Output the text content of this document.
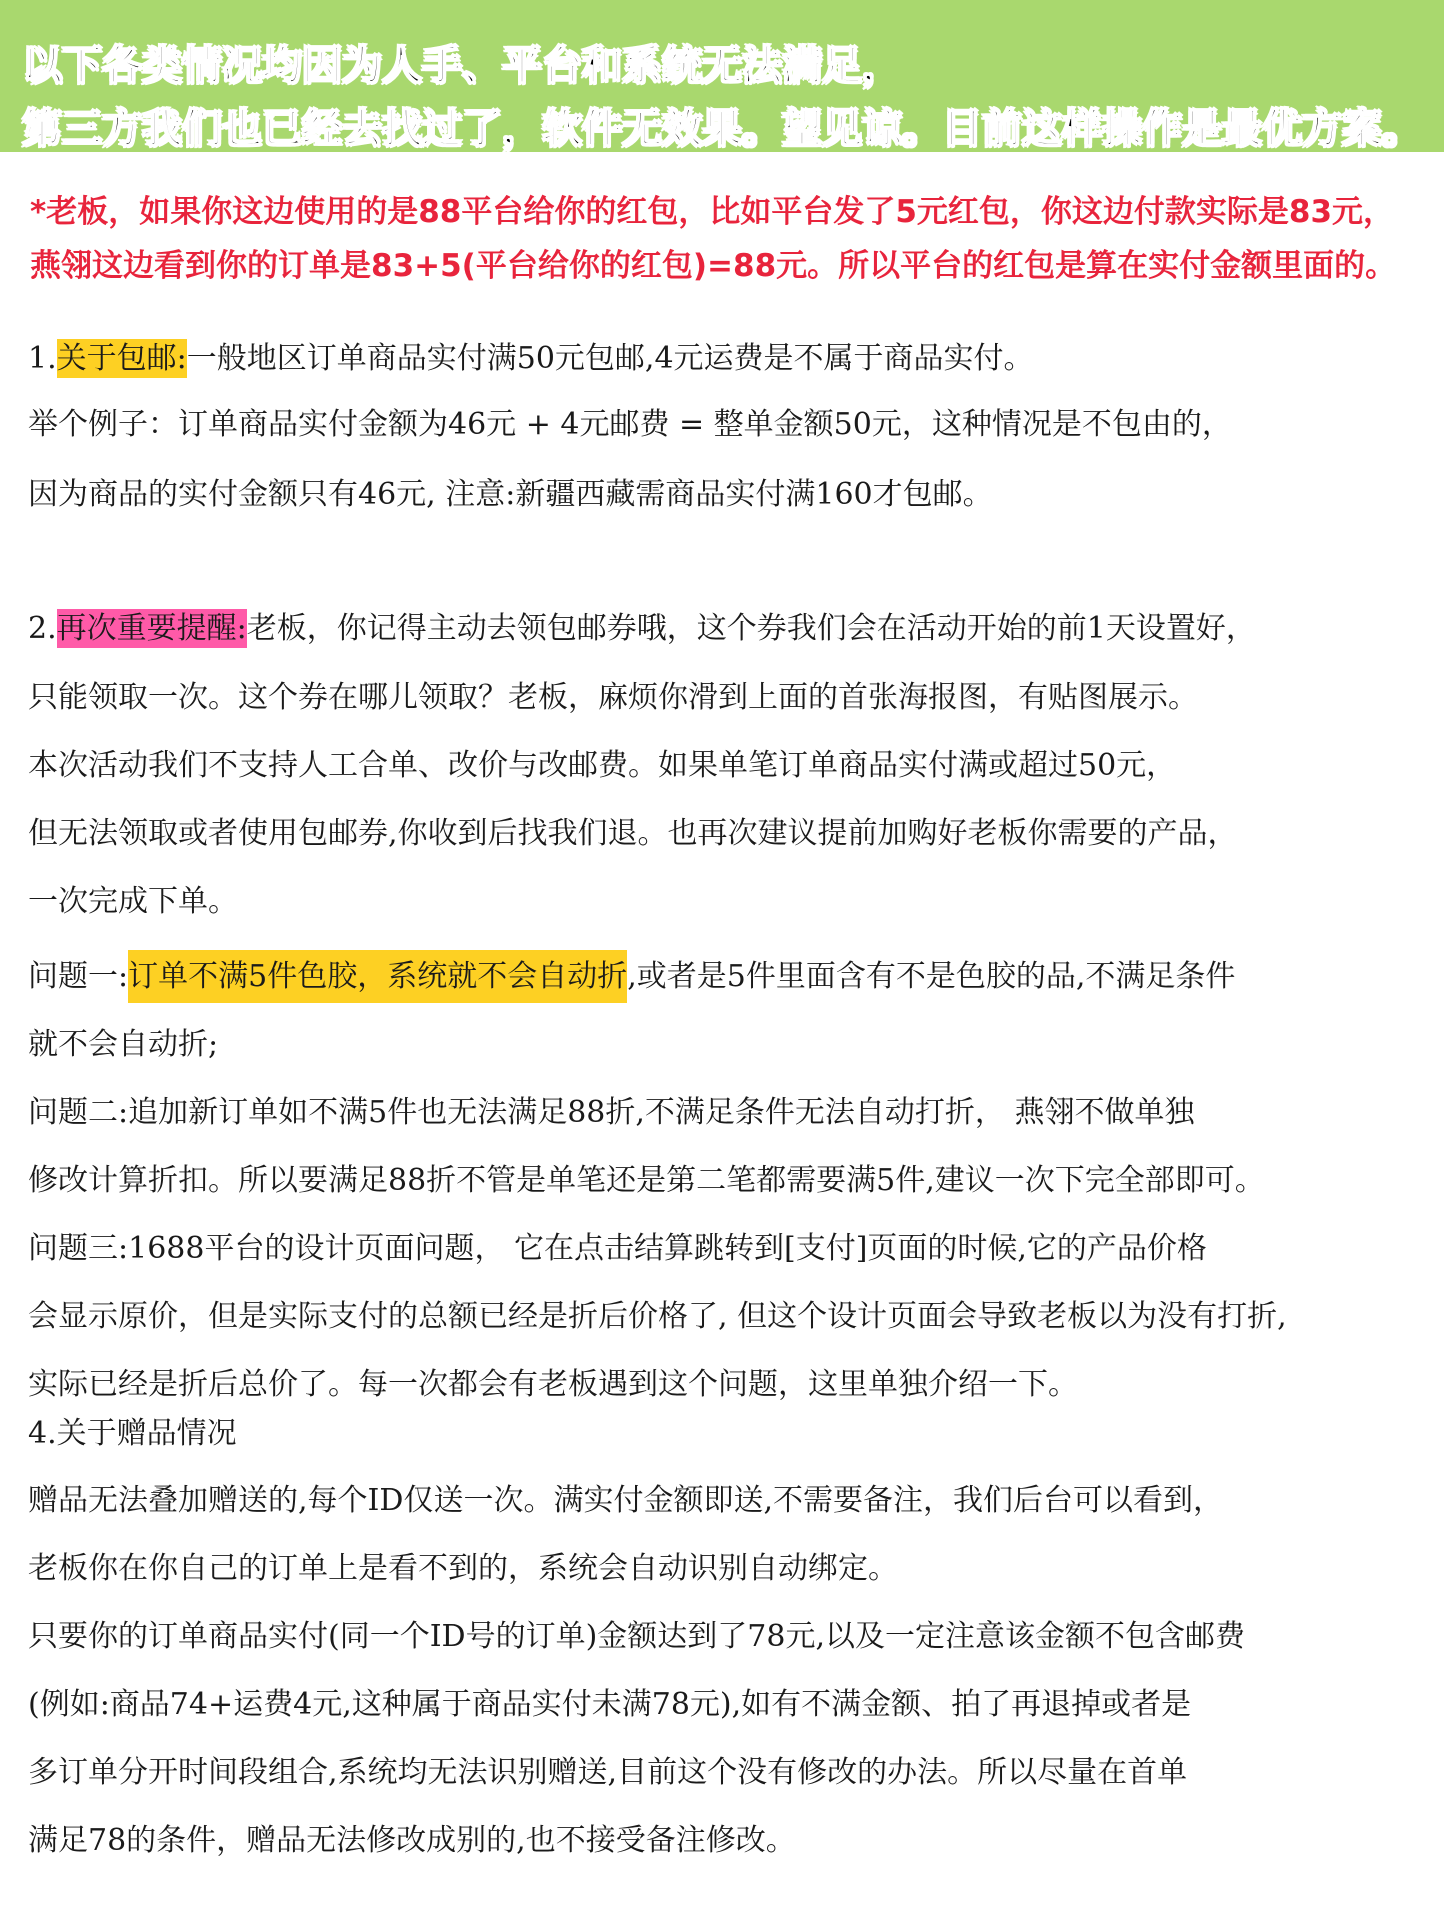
以下各类情况均因为人手、平台和系统无法满足，
第三方我们也已经去找过了，软件无效果。望见谅。目前这样操作是最优方案。
*老板，如果你这边使用的是88平台给你的红包，比如平台发了5元红包，你这边付款实际是83元，
燕翎这边看到你的订单是83+5(平台给你的红包)=88元。所以平台的红包是算在实付金额里面的。
1.关于包邮:一般地区订单商品实付满50元包邮,4元运费是不属于商品实付。
举个例子：订单商品实付金额为46元 + 4元邮费 = 整单金额50元，这种情况是不包由的，
因为商品的实付金额只有46元, 注意:新疆西藏需商品实付满160才包邮。
2.再次重要提醒:老板，你记得主动去领包邮券哦，这个券我们会在活动开始的前1天设置好，
只能领取一次。这个券在哪儿领取？老板，麻烦你滑到上面的首张海报图，有贴图展示。
本次活动我们不支持人工合单、改价与改邮费。如果单笔订单商品实付满或超过50元，
但无法领取或者使用包邮券,你收到后找我们退。也再次建议提前加购好老板你需要的产品，
一次完成下单。
问题一:订单不满5件色胶，系统就不会自动折,或者是5件里面含有不是色胶的品,不满足条件
就不会自动折;
问题二:追加新订单如不满5件也无法满足88折,不满足条件无法自动打折， 燕翎不做单独
修改计算折扣。所以要满足88折不管是单笔还是第二笔都需要满5件,建议一次下完全部即可。
问题三:1688平台的设计页面问题， 它在点击结算跳转到[支付]页面的时候,它的产品价格
会显示原价，但是实际支付的总额已经是折后价格了, 但这个设计页面会导致老板以为没有打折,
实际已经是折后总价了。每一次都会有老板遇到这个问题，这里单独介绍一下。
4.关于赠品情况
赠品无法叠加赠送的,每个ID仅送一次。满实付金额即送,不需要备注，我们后台可以看到，
老板你在你自己的订单上是看不到的，系统会自动识别自动绑定。
只要你的订单商品实付(同一个ID号的订单)金额达到了78元,以及一定注意该金额不包含邮费
(例如:商品74+运费4元,这种属于商品实付未满78元),如有不满金额、拍了再退掉或者是
多订单分开时间段组合,系统均无法识别赠送,目前这个没有修改的办法。所以尽量在首单
满足78的条件，赠品无法修改成别的,也不接受备注修改。
